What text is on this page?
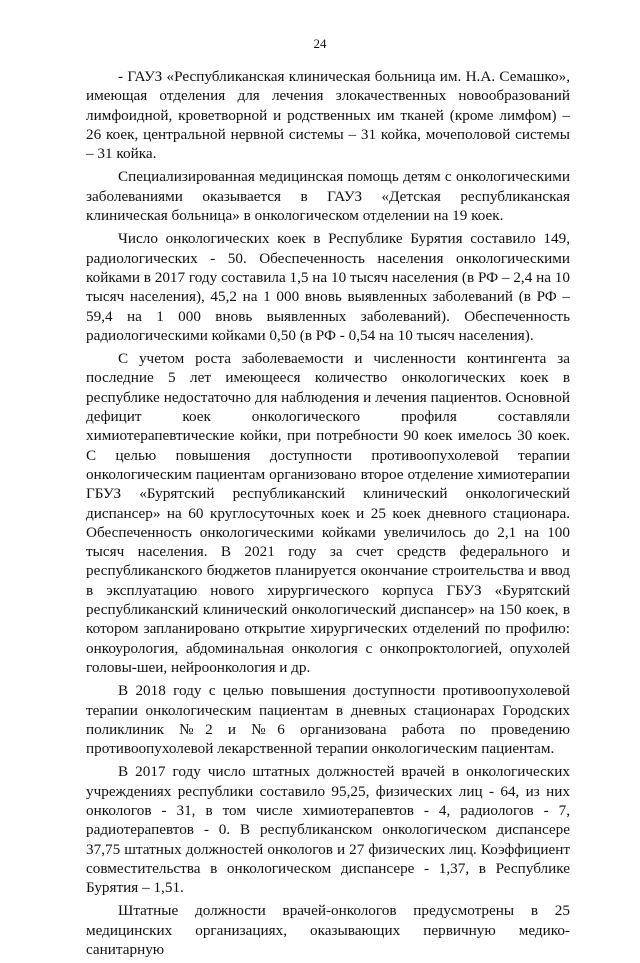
24

- ГАУЗ «Республиканская клиническая больница им. Н.А. Семашко», имеющая отделения для лечения злокачественных новообразований лимфоидной, кроветворной и родственных им тканей (кроме лимфом) – 26 коек, центральной нервной системы – 31 койка, мочеполовой системы – 31 койка.

Специализированная медицинская помощь детям с онкологическими заболеваниями оказывается в ГАУЗ «Детская республиканская клиническая больница» в онкологическом отделении на 19 коек.

Число онкологических коек в Республике Бурятия составило 149, радиологических - 50. Обеспеченность населения онкологическими койками в 2017 году составила 1,5 на 10 тысяч населения (в РФ – 2,4 на 10 тысяч населения), 45,2 на 1 000 вновь выявленных заболеваний (в РФ – 59,4 на 1 000 вновь выявленных заболеваний). Обеспеченность радиологическими койками 0,50 (в РФ - 0,54 на 10 тысяч населения).

С учетом роста заболеваемости и численности контингента за последние 5 лет имеющееся количество онкологических коек в республике недостаточно для наблюдения и лечения пациентов. Основной дефицит коек онкологического профиля составляли химиотерапевтические койки, при потребности 90 коек имелось 30 коек. С целью повышения доступности противоопухолевой терапии онкологическим пациентам организовано второе отделение химиотерапии ГБУЗ «Бурятский республиканский клинический онкологический диспансер» на 60 круглосуточных коек и 25 коек дневного стационара. Обеспеченность онкологическими койками увеличилось до 2,1 на 100 тысяч населения. В 2021 году за счет средств федерального и республиканского бюджетов планируется окончание строительства и ввод в эксплуатацию нового хирургического корпуса ГБУЗ «Бурятский республиканский клинический онкологический диспансер» на 150 коек, в котором запланировано открытие хирургических отделений по профилю: онкоурология, абдоминальная онкология с онкопроктологией, опухолей головы-шеи, нейроонкология и др.

В 2018 году с целью повышения доступности противоопухолевой терапии онкологическим пациентам в дневных стационарах Городских поликлиник №2 и №6 организована работа по проведению противоопухолевой лекарственной терапии онкологическим пациентам.

В 2017 году число штатных должностей врачей в онкологических учреждениях республики составило 95,25, физических лиц - 64, из них онкологов - 31, в том числе химиотерапевтов - 4, радиологов - 7, радиотерапевтов - 0. В республиканском онкологическом диспансере 37,75 штатных должностей онкологов и 27 физических лиц. Коэффициент совместительства в онкологическом диспансере - 1,37, в Республике Бурятия – 1,51.

Штатные должности врачей-онкологов предусмотрены в 25 медицинских организациях, оказывающих первичную медико-санитарную
